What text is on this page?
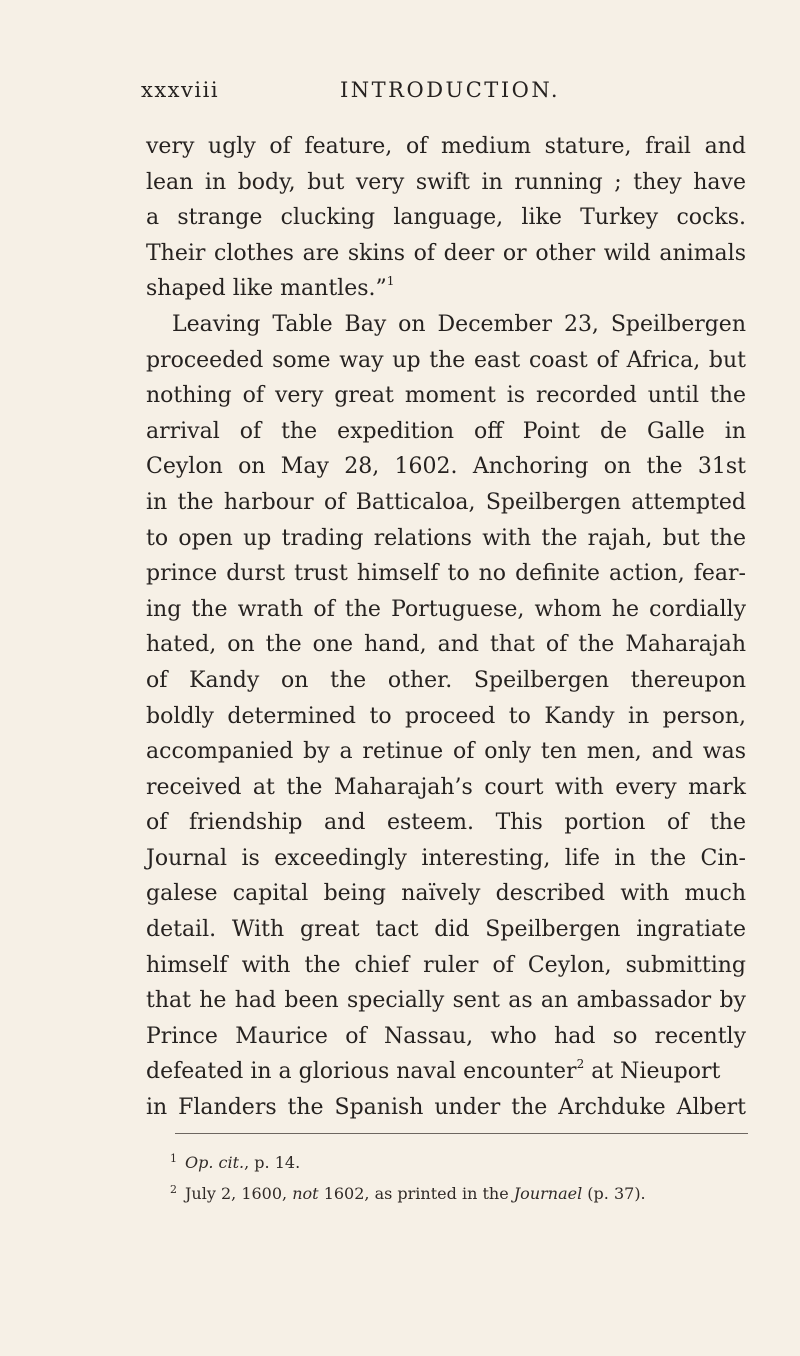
xxxviii	INTRODUCTION.
very ugly of feature, of medium stature, frail and
lean in body, but very swift in running ; they have
a strange clucking language, like Turkey cocks.
Their clothes are skins of deer or other wild animals
shaped like mantles.”$^1$
Leaving Table Bay on December 23, Speilbergen
proceeded some way up the east coast of Africa, but
nothing of very great moment is recorded until the
arrival of the expedition off Point de Galle in
Ceylon on May 28, 1602. Anchoring on the 31st
in the harbour of Batticaloa, Speilbergen attempted
to open up trading relations with the rajah, but the
prince durst trust himself to no definite action, fear-
ing the wrath of the Portuguese, whom he cordially
hated, on the one hand, and that of the Maharajah
of Kandy on the other. Speilbergen thereupon
boldly determined to proceed to Kandy in person,
accompanied by a retinue of only ten men, and was
received at the Maharajah’s court with every mark
of friendship and esteem. This portion of the
Journal is exceedingly interesting, life in the Cin-
galese capital being naïvely described with much
detail. With great tact did Speilbergen ingratiate
himself with the chief ruler of Ceylon, submitting
that he had been specially sent as an ambassador by
Prince Maurice of Nassau, who had so recently
defeated in a glorious naval encounter$^2$ at Nieuport
in Flanders the Spanish under the Archduke Albert
$^1$ Op. cit., p. 14.
$^2$ July 2, 1600, not 1602, as printed in the Journael (p. 37).
